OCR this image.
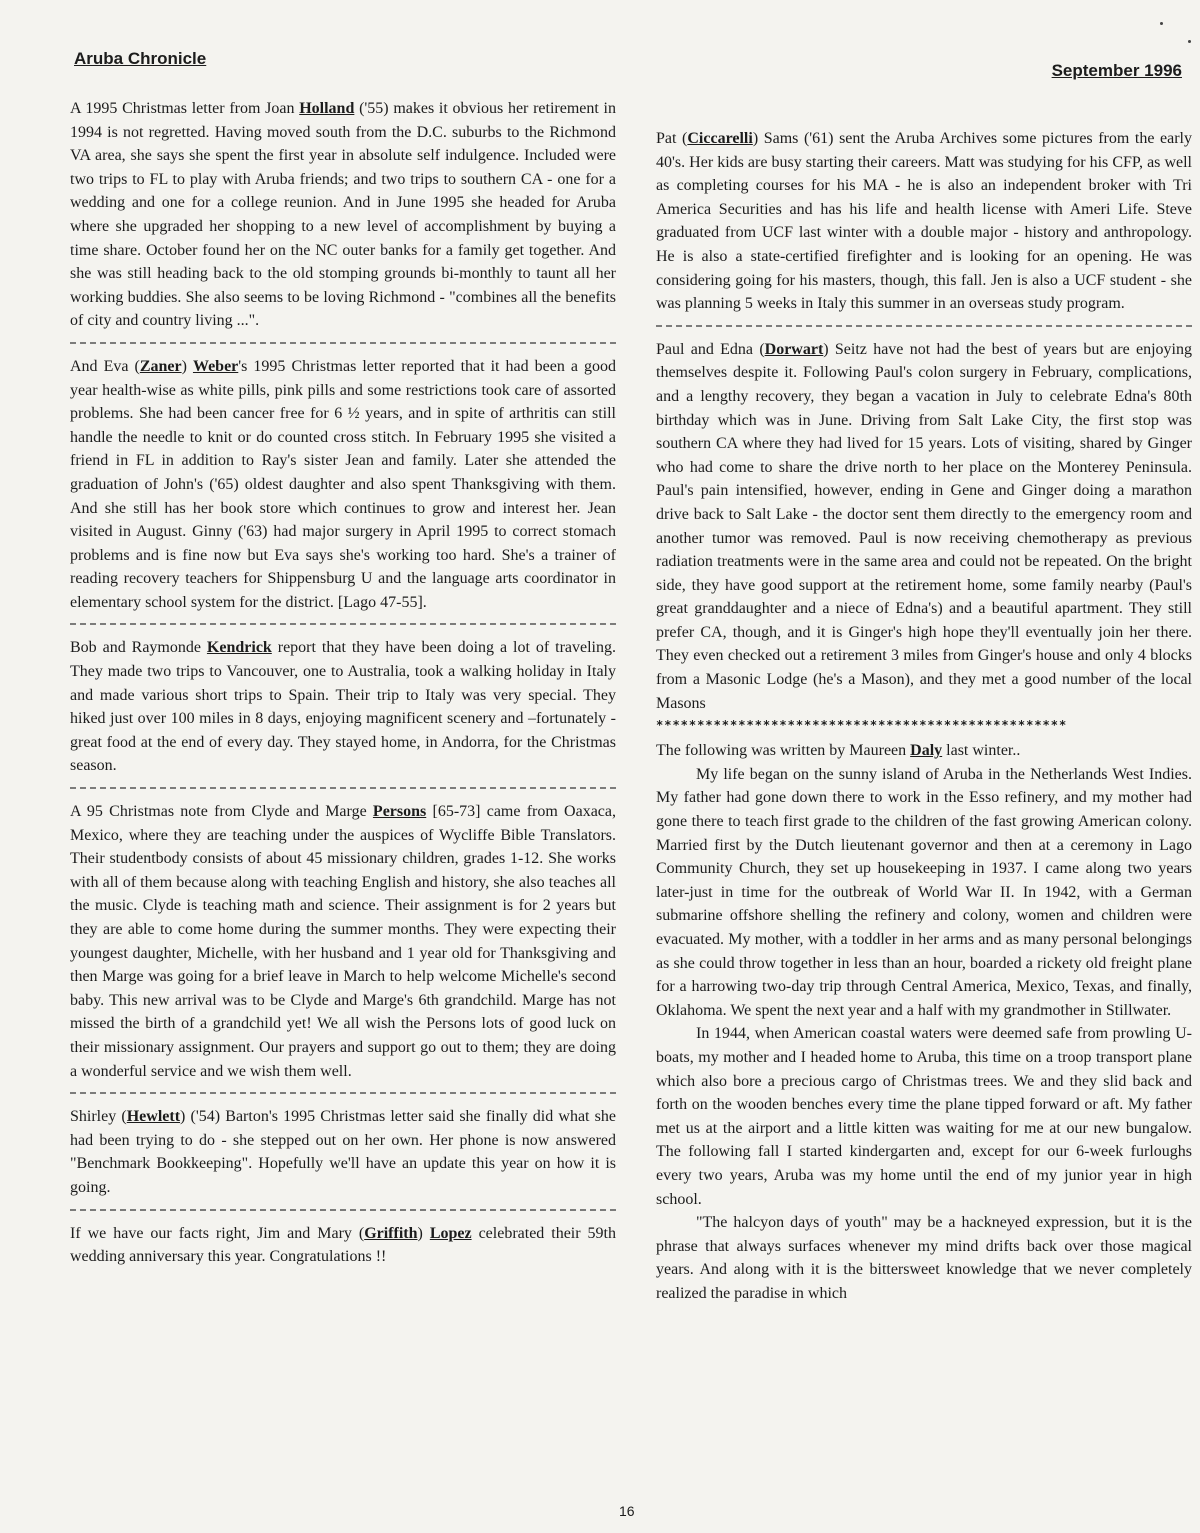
Aruba Chronicle
September 1996

A 1995 Christmas letter from Joan Holland ('55) makes it obvious her retirement in 1994 is not regretted. Having moved south from the D.C. suburbs to the Richmond VA area, she says she spent the first year in absolute self indulgence. Included were two trips to FL to play with Aruba friends; and two trips to southern CA - one for a wedding and one for a college reunion. And in June 1995 she headed for Aruba where she upgraded her shopping to a new level of accomplishment by buying a time share. October found her on the NC outer banks for a family get together. And she was still heading back to the old stomping grounds bi-monthly to taunt all her working buddies. She also seems to be loving Richmond - "combines all the benefits of city and country living ...".

And Eva (Zaner) Weber's 1995 Christmas letter reported that it had been a good year health-wise as white pills, pink pills and some restrictions took care of assorted problems. She had been cancer free for 6 ½ years, and in spite of arthritis can still handle the needle to knit or do counted cross stitch. In February 1995 she visited a friend in FL in addition to Ray's sister Jean and family. Later she attended the graduation of John's ('65) oldest daughter and also spent Thanksgiving with them. And she still has her book store which continues to grow and interest her. Jean visited in August. Ginny ('63) had major surgery in April 1995 to correct stomach problems and is fine now but Eva says she's working too hard. She's a trainer of reading recovery teachers for Shippensburg U and the language arts coordinator in elementary school system for the district. [Lago 47-55].

Bob and Raymonde Kendrick report that they have been doing a lot of traveling. They made two trips to Vancouver, one to Australia, took a walking holiday in Italy and made various short trips to Spain. Their trip to Italy was very special. They hiked just over 100 miles in 8 days, enjoying magnificent scenery and –fortunately - great food at the end of every day. They stayed home, in Andorra, for the Christmas season.

A 95 Christmas note from Clyde and Marge Persons [65-73] came from Oaxaca, Mexico, where they are teaching under the auspices of Wycliffe Bible Translators. Their studentbody consists of about 45 missionary children, grades 1-12. She works with all of them because along with teaching English and history, she also teaches all the music. Clyde is teaching math and science. Their assignment is for 2 years but they are able to come home during the summer months. They were expecting their youngest daughter, Michelle, with her husband and 1 year old for Thanksgiving and then Marge was going for a brief leave in March to help welcome Michelle's second baby. This new arrival was to be Clyde and Marge's 6th grandchild. Marge has not missed the birth of a grandchild yet! We all wish the Persons lots of good luck on their missionary assignment. Our prayers and support go out to them; they are doing a wonderful service and we wish them well.

Shirley (Hewlett) ('54) Barton's 1995 Christmas letter said she finally did what she had been trying to do - she stepped out on her own. Her phone is now answered "Benchmark Bookkeeping". Hopefully we'll have an update this year on how it is going.

If we have our facts right, Jim and Mary (Griffith) Lopez celebrated their 59th wedding anniversary this year. Congratulations !!

Pat (Ciccarelli) Sams ('61) sent the Aruba Archives some pictures from the early 40's. Her kids are busy starting their careers. Matt was studying for his CFP, as well as completing courses for his MA - he is also an independent broker with Tri America Securities and has his life and health license with Ameri Life. Steve graduated from UCF last winter with a double major - history and anthropology. He is also a state-certified firefighter and is looking for an opening. He was considering going for his masters, though, this fall. Jen is also a UCF student - she was planning 5 weeks in Italy this summer in an overseas study program.

Paul and Edna (Dorwart) Seitz have not had the best of years but are enjoying themselves despite it. Following Paul's colon surgery in February, complications, and a lengthy recovery, they began a vacation in July to celebrate Edna's 80th birthday which was in June. Driving from Salt Lake City, the first stop was southern CA where they had lived for 15 years. Lots of visiting, shared by Ginger who had come to share the drive north to her place on the Monterey Peninsula. Paul's pain intensified, however, ending in Gene and Ginger doing a marathon drive back to Salt Lake - the doctor sent them directly to the emergency room and another tumor was removed. Paul is now receiving chemotherapy as previous radiation treatments were in the same area and could not be repeated. On the bright side, they have good support at the retirement home, some family nearby (Paul's great granddaughter and a niece of Edna's) and a beautiful apartment. They still prefer CA, though, and it is Ginger's high hope they'll eventually join her there. They even checked out a retirement 3 miles from Ginger's house and only 4 blocks from a Masonic Lodge (he's a Mason), and they met a good number of the local Masons

**************************************************

The following was written by Maureen Daly last winter..

My life began on the sunny island of Aruba in the Netherlands West Indies. My father had gone down there to work in the Esso refinery, and my mother had gone there to teach first grade to the children of the fast growing American colony. Married first by the Dutch lieutenant governor and then at a ceremony in Lago Community Church, they set up housekeeping in 1937. I came along two years later-just in time for the outbreak of World War II. In 1942, with a German submarine offshore shelling the refinery and colony, women and children were evacuated. My mother, with a toddler in her arms and as many personal belongings as she could throw together in less than an hour, boarded a rickety old freight plane for a harrowing two-day trip through Central America, Mexico, Texas, and finally, Oklahoma. We spent the next year and a half with my grandmother in Stillwater.

In 1944, when American coastal waters were deemed safe from prowling U-boats, my mother and I headed home to Aruba, this time on a troop transport plane which also bore a precious cargo of Christmas trees. We and they slid back and forth on the wooden benches every time the plane tipped forward or aft. My father met us at the airport and a little kitten was waiting for me at our new bungalow. The following fall I started kindergarten and, except for our 6-week furloughs every two years, Aruba was my home until the end of my junior year in high school.

"The halcyon days of youth" may be a hackneyed expression, but it is the phrase that always surfaces whenever my mind drifts back over those magical years. And along with it is the bittersweet knowledge that we never completely realized the paradise in which

16
